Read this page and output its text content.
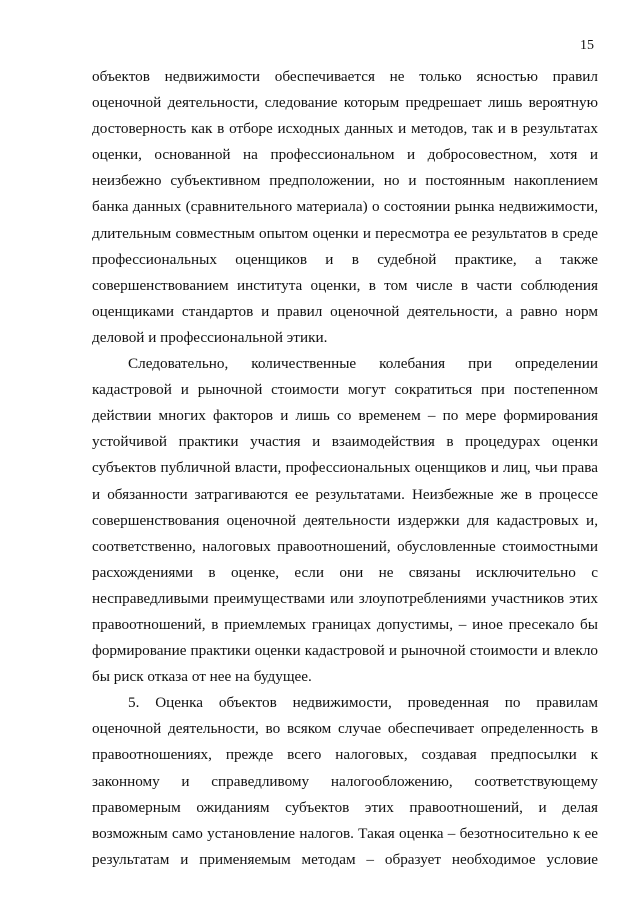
15
объектов недвижимости обеспечивается не только ясностью правил
оценочной деятельности, следование которым предрешает лишь вероятную
достоверность как в отборе исходных данных и методов, так и в результатах
оценки, основанной на профессиональном и добросовестном, хотя и
неизбежно субъективном предположении, но и постоянным накоплением
банка данных (сравнительного материала) о состоянии рынка недвижимости,
длительным совместным опытом оценки и пересмотра ее результатов в среде
профессиональных оценщиков и в судебной практике, а также
совершенствованием института оценки, в том числе в части соблюдения
оценщиками стандартов и правил оценочной деятельности, а равно норм
деловой и профессиональной этики.
Следовательно, количественные колебания при определении
кадастровой и рыночной стоимости могут сократиться при постепенном
действии многих факторов и лишь со временем – по мере формирования
устойчивой практики участия и взаимодействия в процедурах оценки
субъектов публичной власти, профессиональных оценщиков и лиц, чьи права
и обязанности затрагиваются ее результатами. Неизбежные же в процессе
совершенствования оценочной деятельности издержки для кадастровых и,
соответственно, налоговых правоотношений, обусловленные стоимостными
расхождениями в оценке, если они не связаны исключительно с
несправедливыми преимуществами или злоупотреблениями участников этих
правоотношений, в приемлемых границах допустимы, – иное пресекало бы
формирование практики оценки кадастровой и рыночной стоимости и влекло
бы риск отказа от нее на будущее.
5. Оценка объектов недвижимости, проведенная по правилам
оценочной деятельности, во всяком случае обеспечивает определенность в
правоотношениях, прежде всего налоговых, создавая предпосылки к
законному и справедливому налогообложению, соответствующему
правомерным ожиданиям субъектов этих правоотношений, и делая
возможным само установление налогов. Такая оценка – безотносительно к ее
результатам и применяемым методам – образует необходимое условие
